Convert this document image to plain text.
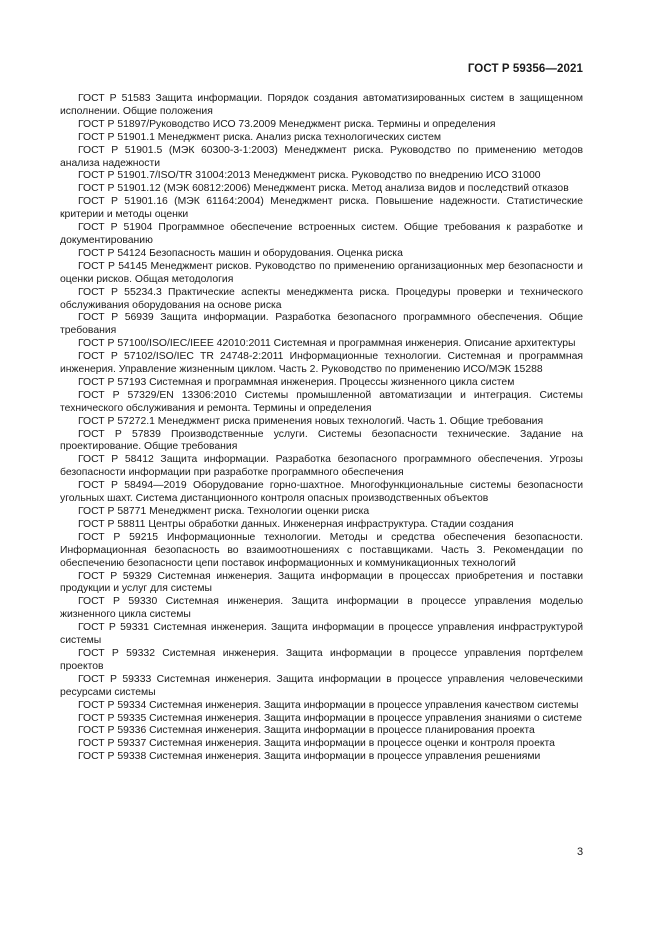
ГОСТ Р 59356—2021

ГОСТ Р 51583 Защита информации. Порядок создания автоматизированных систем в защищенном исполнении. Общие положения

ГОСТ Р 51897/Руководство ИСО 73.2009 Менеджмент риска. Термины и определения

ГОСТ Р 51901.1 Менеджмент риска. Анализ риска технологических систем

ГОСТ Р 51901.5 (МЭК 60300-3-1:2003) Менеджмент риска. Руководство по применению методов анализа надежности

ГОСТ Р 51901.7/ISO/TR 31004:2013 Менеджмент риска. Руководство по внедрению ИСО 31000

ГОСТ Р 51901.12 (МЭК 60812:2006) Менеджмент риска. Метод анализа видов и последствий отказов

ГОСТ Р 51901.16 (МЭК 61164:2004) Менеджмент риска. Повышение надежности. Статистические критерии и методы оценки

ГОСТ Р 51904 Программное обеспечение встроенных систем. Общие требования к разработке и документированию

ГОСТ Р 54124 Безопасность машин и оборудования. Оценка риска

ГОСТ Р 54145 Менеджмент рисков. Руководство по применению организационных мер безопасности и оценки рисков. Общая методология

ГОСТ Р 55234.3 Практические аспекты менеджмента риска. Процедуры проверки и технического обслуживания оборудования на основе риска

ГОСТ Р 56939 Защита информации. Разработка безопасного программного обеспечения. Общие требования

ГОСТ Р 57100/ISO/IEC/IEEE 42010:2011 Системная и программная инженерия. Описание архитектуры

ГОСТ Р 57102/ISO/IEC TR 24748-2:2011 Информационные технологии. Системная и программная инженерия. Управление жизненным циклом. Часть 2. Руководство по применению ИСО/МЭК 15288

ГОСТ Р 57193 Системная и программная инженерия. Процессы жизненного цикла систем

ГОСТ Р 57329/EN 13306:2010 Системы промышленной автоматизации и интеграция. Системы технического обслуживания и ремонта. Термины и определения

ГОСТ Р 57272.1 Менеджмент риска применения новых технологий. Часть 1. Общие требования

ГОСТ Р 57839 Производственные услуги. Системы безопасности технические. Задание на проектирование. Общие требования

ГОСТ Р 58412 Защита информации. Разработка безопасного программного обеспечения. Угрозы безопасности информации при разработке программного обеспечения

ГОСТ Р 58494—2019 Оборудование горно-шахтное. Многофункциональные системы безопасности угольных шахт. Система дистанционного контроля опасных производственных объектов

ГОСТ Р 58771 Менеджмент риска. Технологии оценки риска

ГОСТ Р 58811 Центры обработки данных. Инженерная инфраструктура. Стадии создания

ГОСТ Р 59215 Информационные технологии. Методы и средства обеспечения безопасности. Информационная безопасность во взаимоотношениях с поставщиками. Часть 3. Рекомендации по обеспечению безопасности цепи поставок информационных и коммуникационных технологий

ГОСТ Р 59329 Системная инженерия. Защита информации в процессах приобретения и поставки продукции и услуг для системы

ГОСТ Р 59330 Системная инженерия. Защита информации в процессе управления моделью жизненного цикла системы

ГОСТ Р 59331 Системная инженерия. Защита информации в процессе управления инфраструктурой системы

ГОСТ Р 59332 Системная инженерия. Защита информации в процессе управления портфелем проектов

ГОСТ Р 59333 Системная инженерия. Защита информации в процессе управления человеческими ресурсами системы

ГОСТ Р 59334 Системная инженерия. Защита информации в процессе управления качеством системы

ГОСТ Р 59335 Системная инженерия. Защита информации в процессе управления знаниями о системе

ГОСТ Р 59336 Системная инженерия. Защита информации в процессе планирования проекта

ГОСТ Р 59337 Системная инженерия. Защита информации в процессе оценки и контроля проекта

ГОСТ Р 59338 Системная инженерия. Защита информации в процессе управления решениями

3
